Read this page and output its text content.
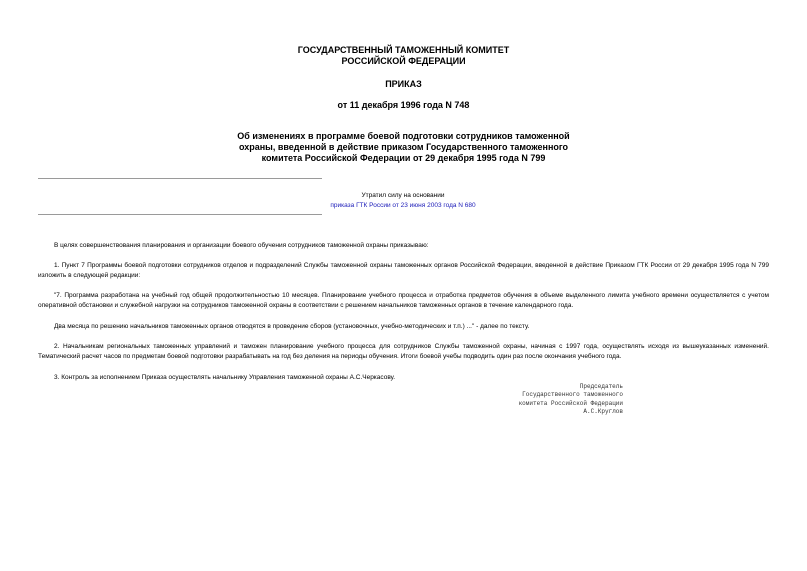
ГОСУДАРСТВЕННЫЙ ТАМОЖЕННЫЙ КОМИТЕТ
РОССИЙСКОЙ ФЕДЕРАЦИИ
ПРИКАЗ
от 11 декабря 1996 года N 748
Об изменениях в программе боевой подготовки сотрудников таможенной
охраны, введенной в действие приказом Государственного таможенного
комитета Российской Федерации от 29 декабря 1995 года N 799
Утратил силу на основании
приказа ГТК России от 23 июня 2003 года N 680

В целях совершенствования планирования и организации боевого обучения сотрудников таможенной охраны приказываю:

1. Пункт 7 Программы боевой подготовки сотрудников отделов и подразделений Службы таможенной охраны таможенных органов Российской Федерации, введенной в действие Приказом ГТК России от 29 декабря 1995 года N 799 изложить в следующей редакции:

"7. Программа разработана на учебный год общей продолжительностью 10 месяцев. Планирование учебного процесса и отработка предметов обучения в объеме выделенного лимита учебного времени осуществляется с учетом оперативной обстановки и служебной нагрузки на сотрудников таможенной охраны в соответствии с решением начальников таможенных органов в течение календарного года.

Два месяца по решению начальников таможенных органов отводятся в проведение сборов (установочных, учебно-методических и т.п.) ..." - далее по тексту.

2. Начальникам региональных таможенных управлений и таможен планирование учебного процесса для сотрудников Службы таможенной охраны, начиная с 1997 года, осуществлять исходя из вышеуказанных изменений. Тематический расчет часов по предметам боевой подготовки разрабатывать на год без деления на периоды обучения. Итоги боевой учебы подводить один раз после окончания учебного года.

3. Контроль за исполнением Приказа осуществлять начальнику Управления таможенной охраны А.С.Черкасову.

Председатель
Государственного таможенного
комитета Российской Федерации
А.С.Круглов
